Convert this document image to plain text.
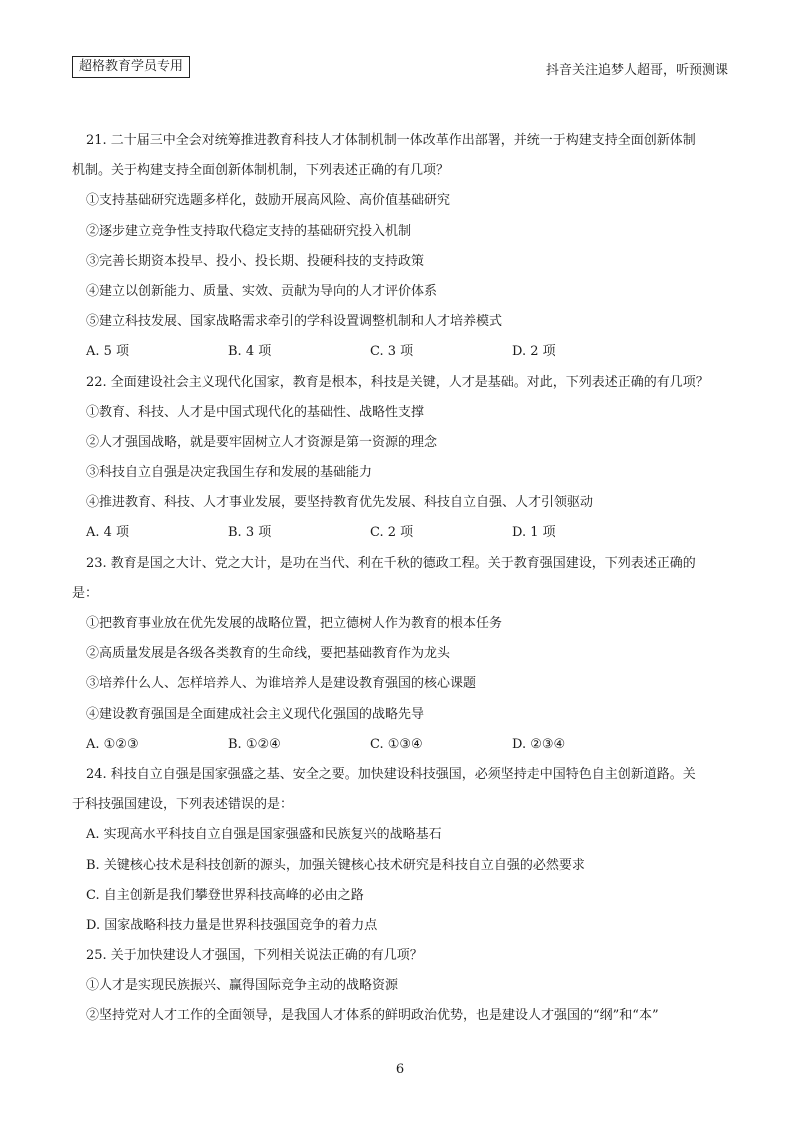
超格教育学员专用	抖音关注追梦人超哥，听预测课
21. 二十届三中全会对统筹推进教育科技人才体制机制一体改革作出部署，并统一于构建支持全面创新体制
机制。关于构建支持全面创新体制机制，下列表述正确的有几项？
①支持基础研究选题多样化，鼓励开展高风险、高价值基础研究
②逐步建立竞争性支持取代稳定支持的基础研究投入机制
③完善长期资本投早、投小、投长期、投硬科技的支持政策
④建立以创新能力、质量、实效、贡献为导向的人才评价体系
⑤建立科技发展、国家战略需求牵引的学科设置调整机制和人才培养模式
A. 5 项	B. 4 项	C. 3 项	D. 2 项
22. 全面建设社会主义现代化国家，教育是根本，科技是关键，人才是基础。对此，下列表述正确的有几项？
①教育、科技、人才是中国式现代化的基础性、战略性支撑
②人才强国战略，就是要牢固树立人才资源是第一资源的理念
③科技自立自强是决定我国生存和发展的基础能力
④推进教育、科技、人才事业发展，要坚持教育优先发展、科技自立自强、人才引领驱动
A. 4 项	B. 3 项	C. 2 项	D. 1 项
23. 教育是国之大计、党之大计，是功在当代、利在千秋的德政工程。关于教育强国建设，下列表述正确的
是：
①把教育事业放在优先发展的战略位置，把立德树人作为教育的根本任务
②高质量发展是各级各类教育的生命线，要把基础教育作为龙头
③培养什么人、怎样培养人、为谁培养人是建设教育强国的核心课题
④建设教育强国是全面建成社会主义现代化强国的战略先导
A. ①②③	B. ①②④	C. ①③④	D. ②③④
24. 科技自立自强是国家强盛之基、安全之要。加快建设科技强国，必须坚持走中国特色自主创新道路。关
于科技强国建设，下列表述错误的是：
A. 实现高水平科技自立自强是国家强盛和民族复兴的战略基石
B. 关键核心技术是科技创新的源头，加强关键核心技术研究是科技自立自强的必然要求
C. 自主创新是我们攀登世界科技高峰的必由之路
D. 国家战略科技力量是世界科技强国竞争的着力点
25. 关于加快建设人才强国，下列相关说法正确的有几项？
①人才是实现民族振兴、赢得国际竞争主动的战略资源
②坚持党对人才工作的全面领导，是我国人才体系的鲜明政治优势，也是建设人才强国的“纲”和“本”
6
